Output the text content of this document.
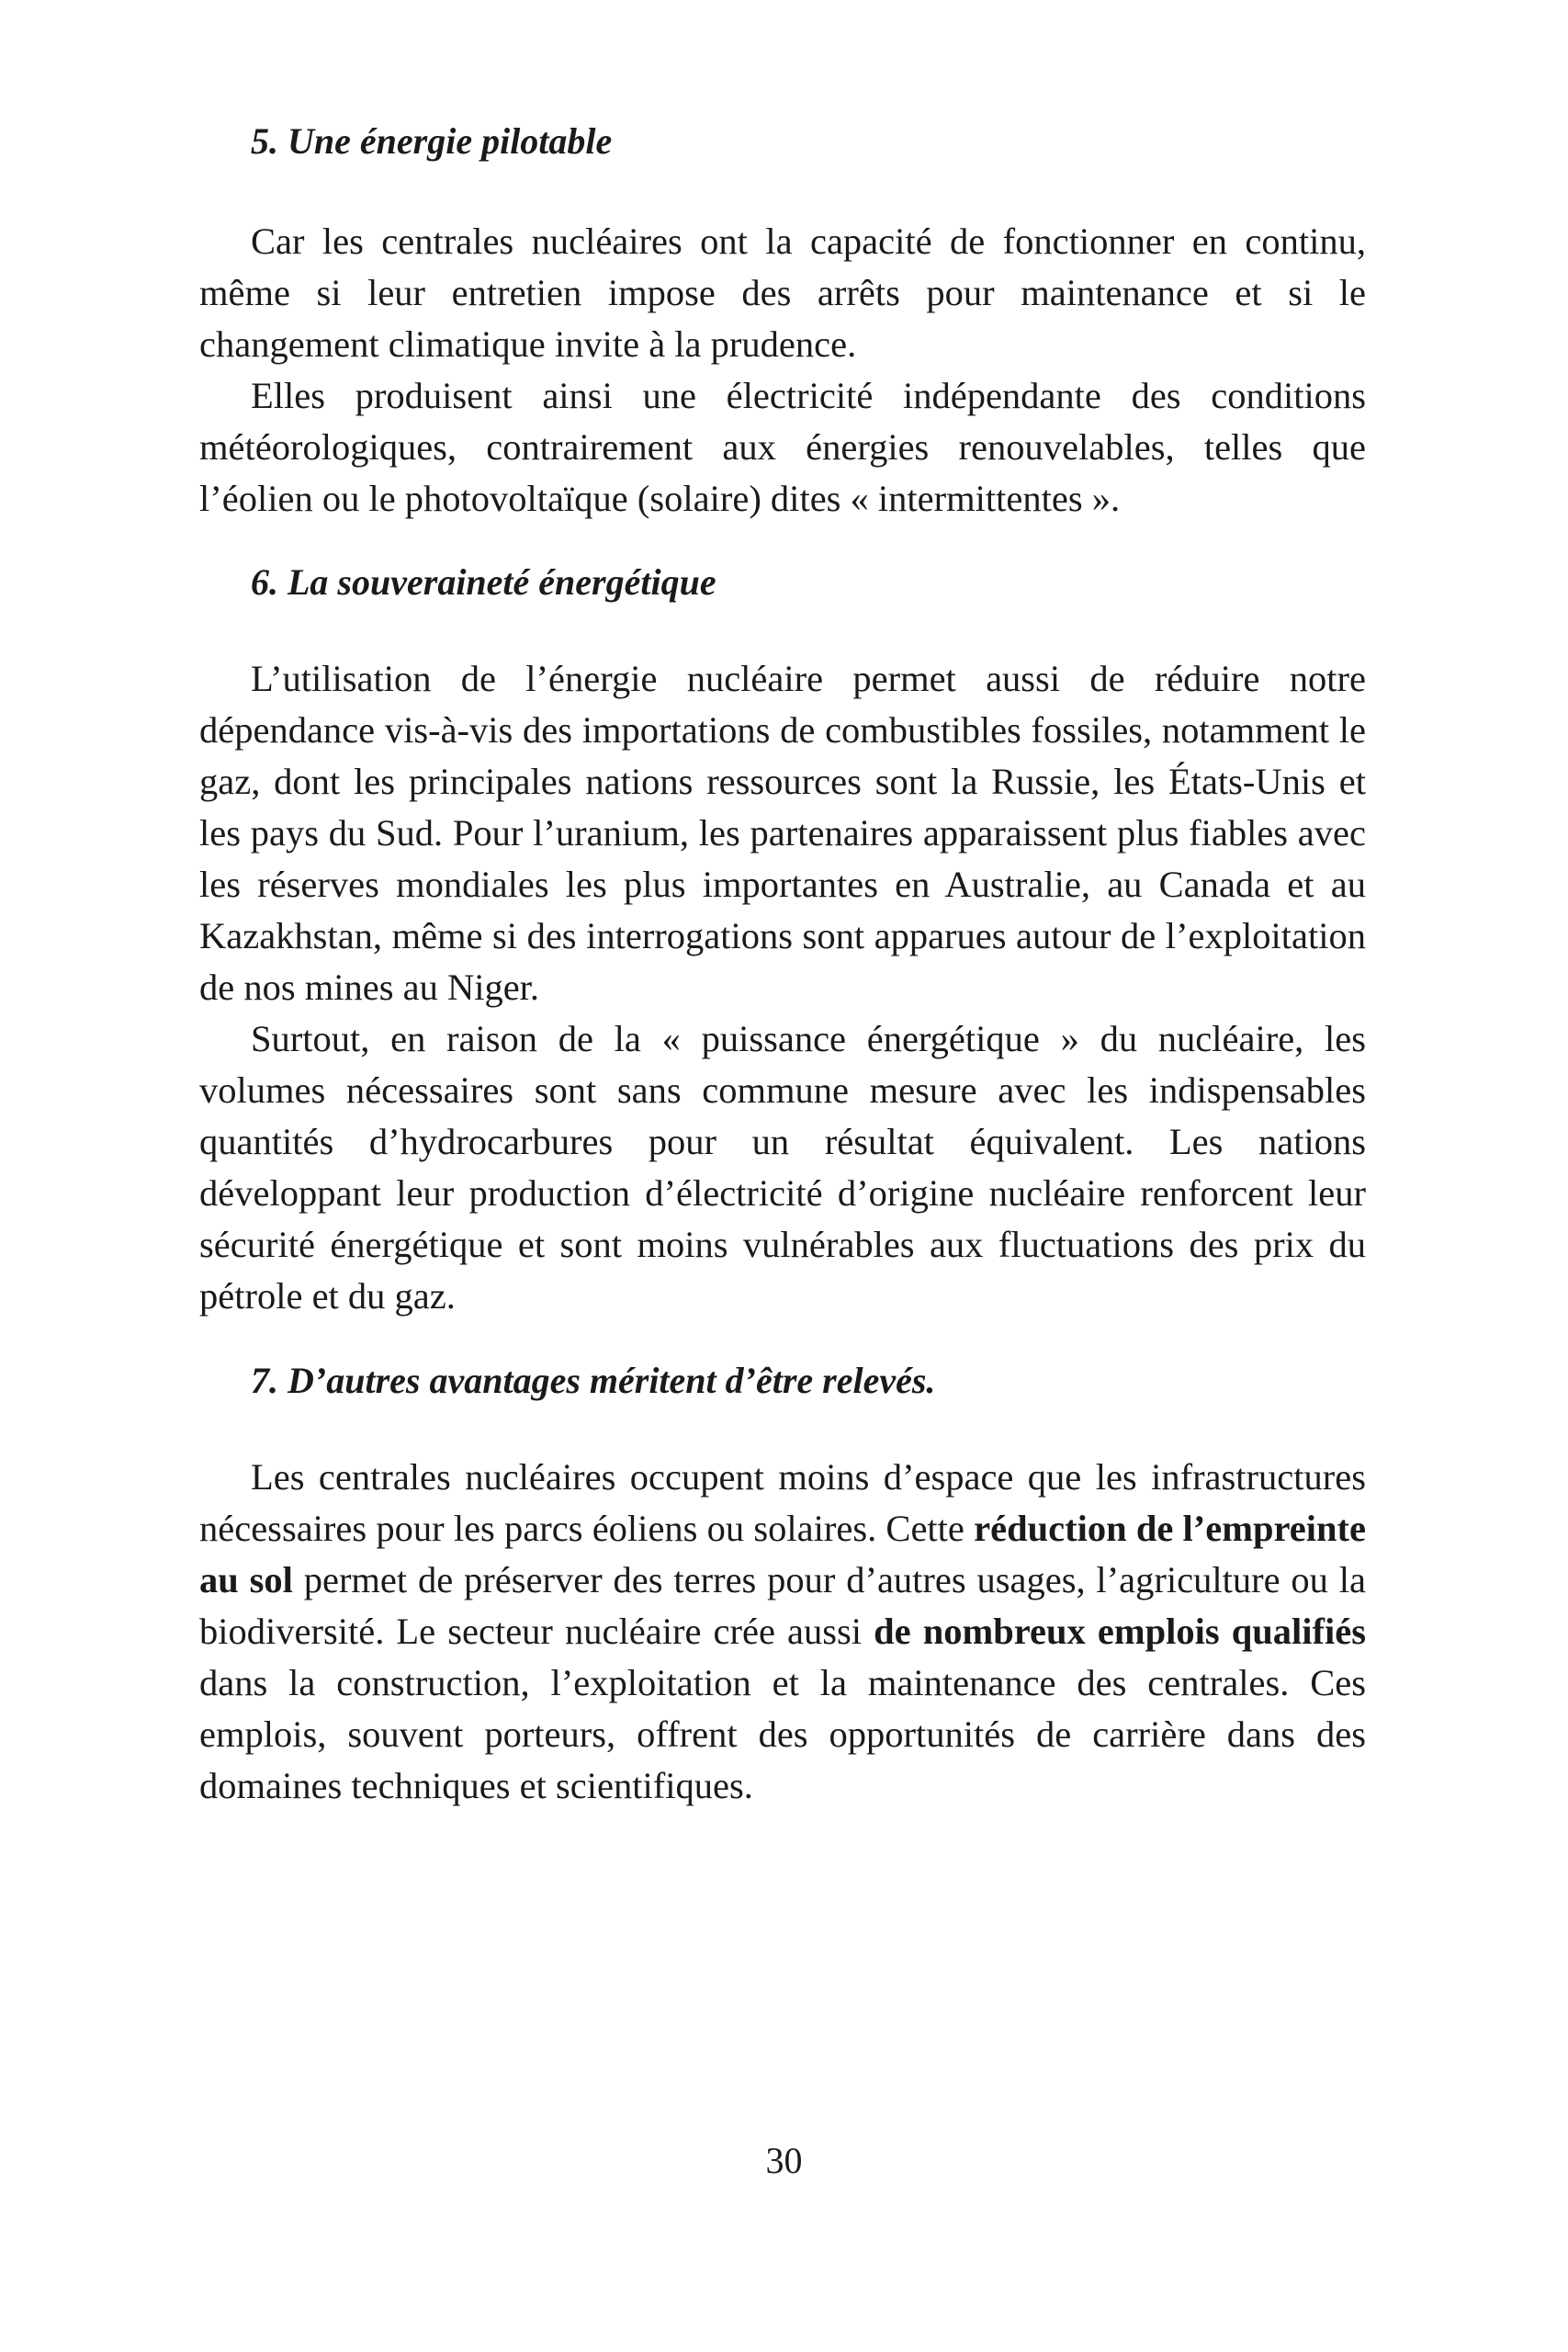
5. Une énergie pilotable

Car les centrales nucléaires ont la capacité de fonctionner en continu, même si leur entretien impose des arrêts pour maintenance et si le changement climatique invite à la prudence.

Elles produisent ainsi une électricité indépendante des conditions météorologiques, contrairement aux énergies renouvelables, telles que l’éolien ou le photovoltaïque (solaire) dites « intermittentes ».

6. La souveraineté énergétique

L’utilisation de l’énergie nucléaire permet aussi de réduire notre dépendance vis-à-vis des importations de combustibles fossiles, notamment le gaz, dont les principales nations ressources sont la Russie, les États-Unis et les pays du Sud. Pour l’uranium, les partenaires apparaissent plus fiables avec les réserves mondiales les plus importantes en Australie, au Canada et au Kazakhstan, même si des interrogations sont apparues autour de l’exploitation de nos mines au Niger.

Surtout, en raison de la « puissance énergétique » du nucléaire, les volumes nécessaires sont sans commune mesure avec les indispensables quantités d’hydrocarbures pour un résultat équivalent. Les nations développant leur production d’électricité d’origine nucléaire renforcent leur sécurité énergétique et sont moins vulnérables aux fluctuations des prix du pétrole et du gaz.

7. D’autres avantages méritent d’être relevés.

Les centrales nucléaires occupent moins d’espace que les infrastructures nécessaires pour les parcs éoliens ou solaires. Cette réduction de l’empreinte au sol permet de préserver des terres pour d’autres usages, l’agriculture ou la biodiversité. Le secteur nucléaire crée aussi de nombreux emplois qualifiés dans la construction, l’exploitation et la maintenance des centrales. Ces emplois, souvent porteurs, offrent des opportunités de carrière dans des domaines techniques et scientifiques.

30
